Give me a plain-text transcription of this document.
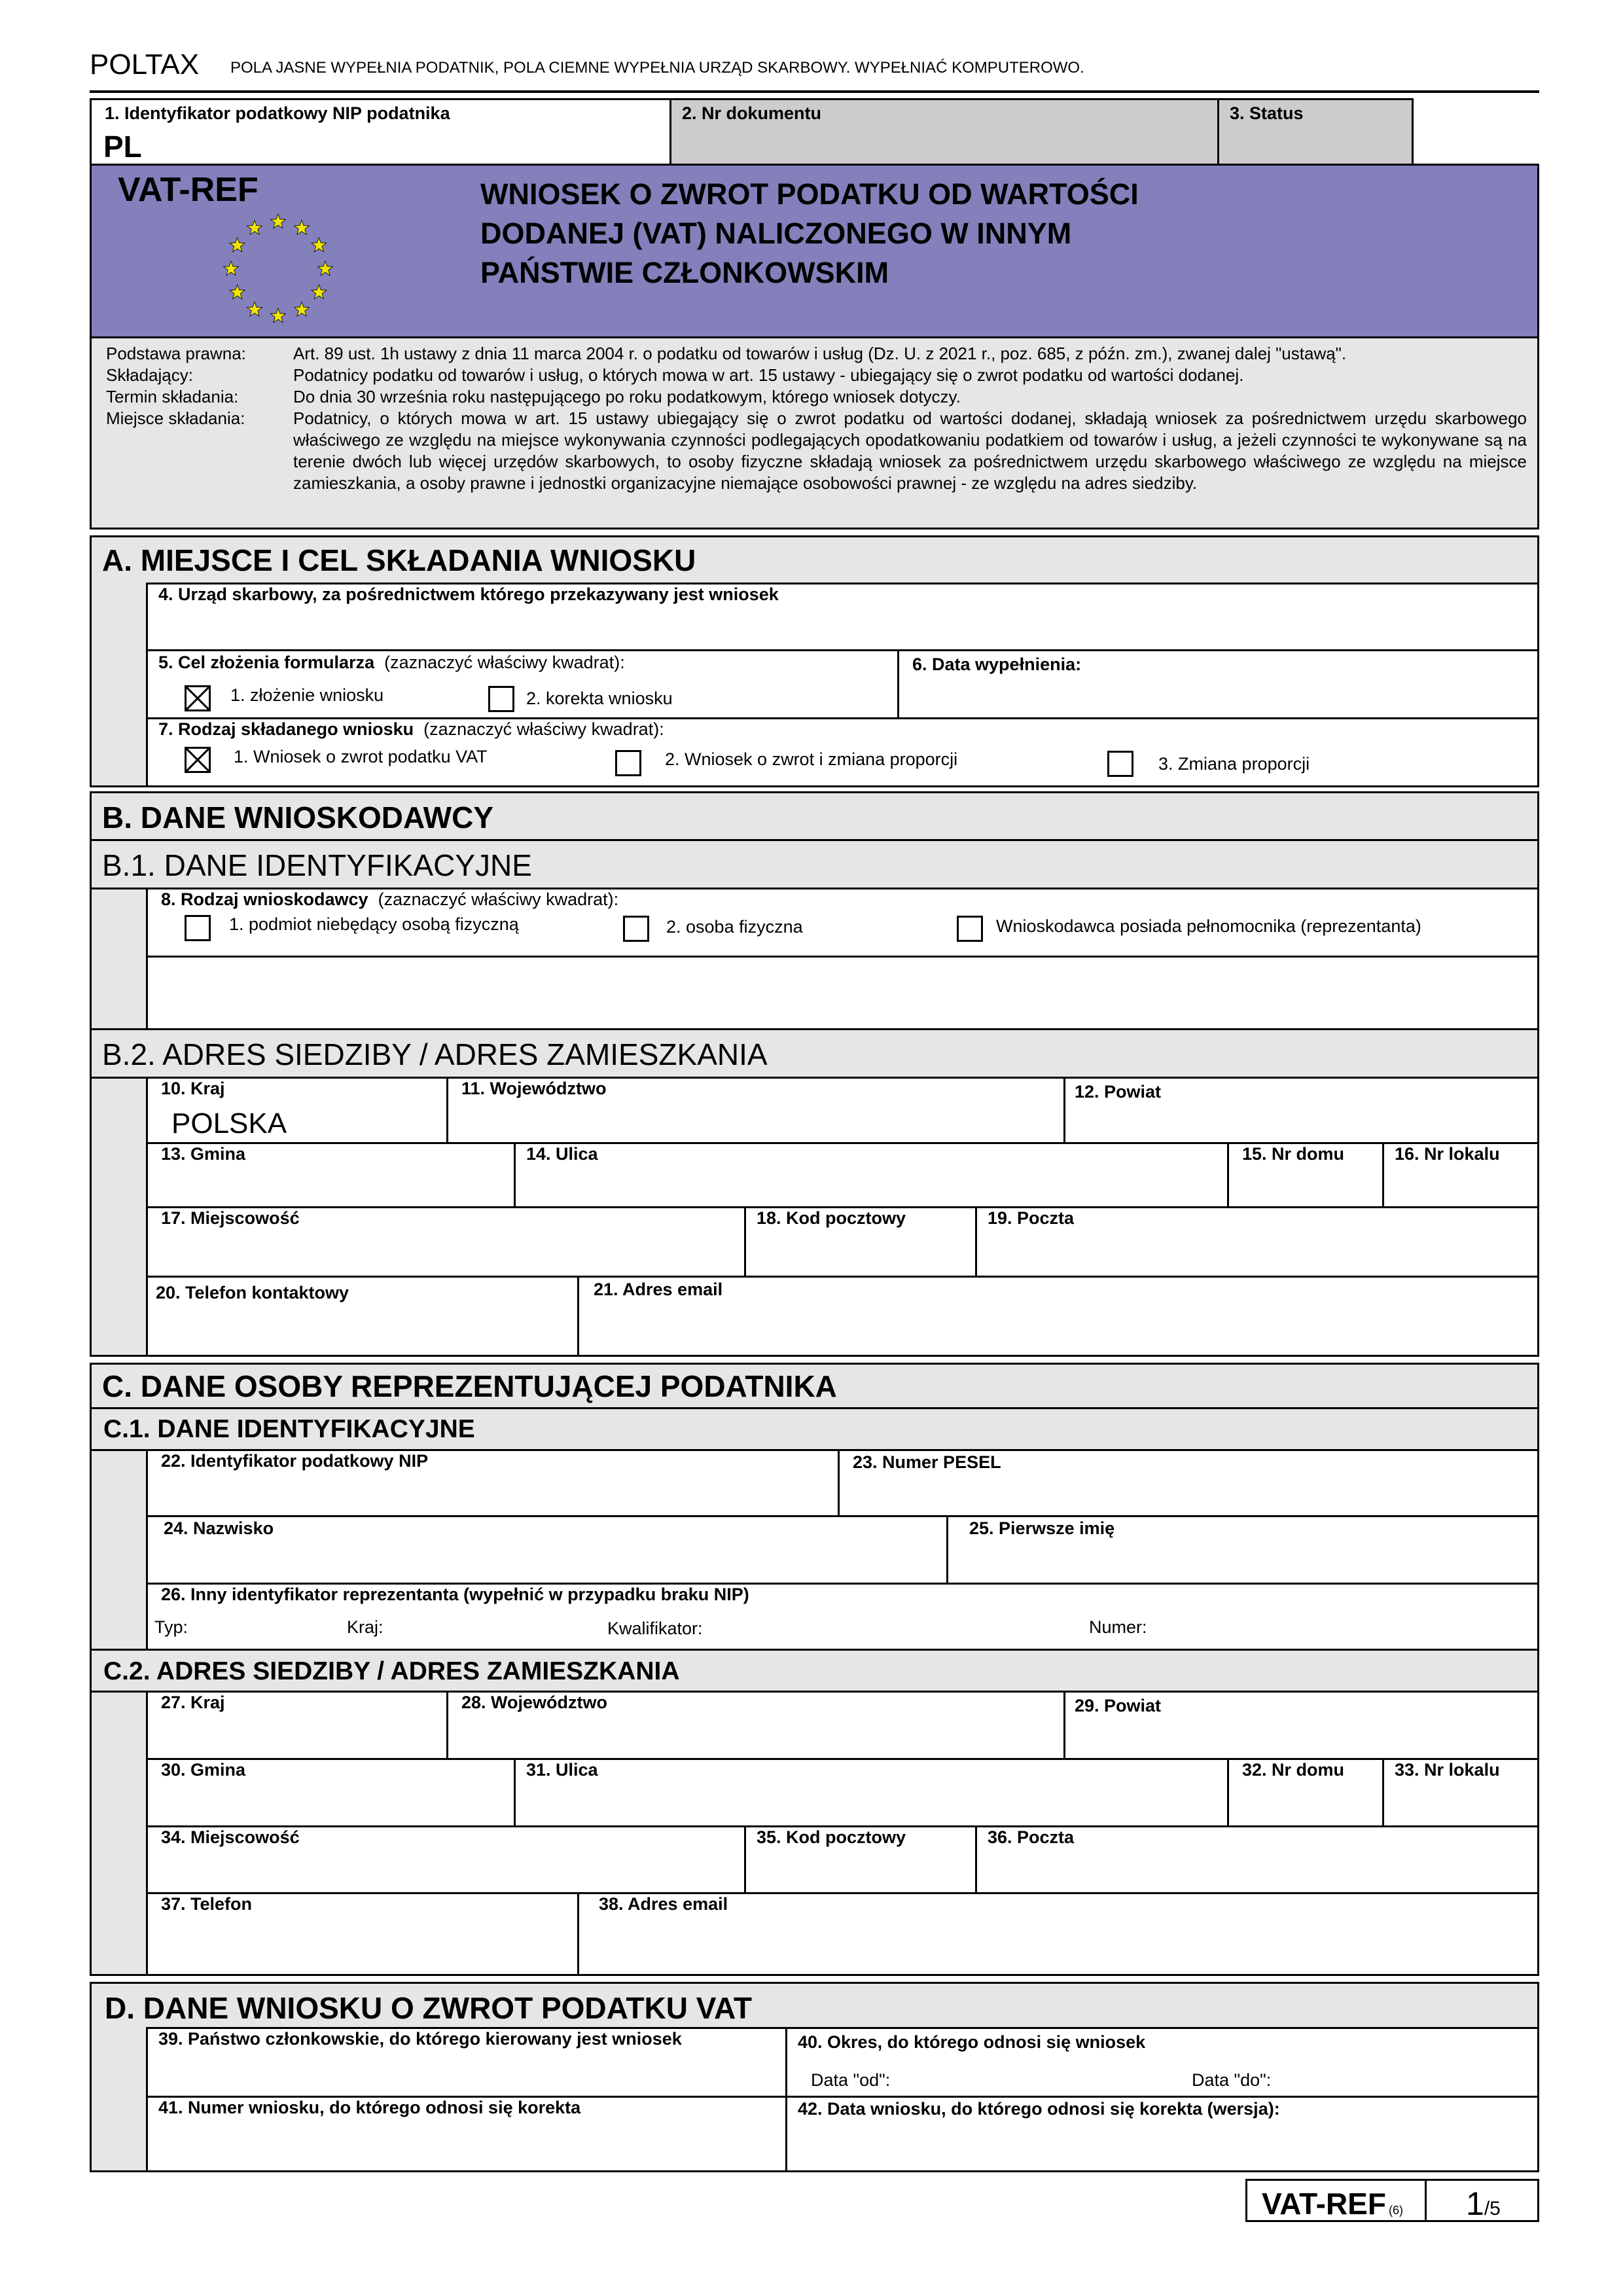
POLTAX POLA JASNE WYPEŁNIA PODATNIK, POLA CIEMNE WYPEŁNIA URZĄD SKARBOWY. WYPEŁNIAĆ KOMPUTEROWO.
1. Identyfikator podatkowy NIP podatnika
PL
2. Nr dokumentu	3. Status
VAT-REF	WNIOSEK O ZWROT PODATKU OD WARTOŚCI
DODANEJ (VAT) NALICZONEGO W INNYM
PAŃSTWIE CZŁONKOWSKIM
Podstawa prawna:	Art. 89 ust. 1h ustawy z dnia 11 marca 2004 r. o podatku od towarów i usług (Dz. U. z 2021 r., poz. 685, z późn. zm.), zwanej dalej "ustawą".
Składający:	Podatnicy podatku od towarów i usług, o których mowa w art. 15 ustawy - ubiegający się o zwrot podatku od wartości dodanej.
Termin składania:	Do dnia 30 września roku następującego po roku podatkowym, którego wniosek dotyczy.
Miejsce składania:	Podatnicy, o których mowa w art. 15 ustawy ubiegający się o zwrot podatku od wartości dodanej, składają wniosek za pośrednictwem urzędu skarbowego właściwego ze względu na miejsce wykonywania czynności podlegających opodatkowaniu podatkiem od towarów i usług, a jeżeli czynności te wykonywane są na terenie dwóch lub więcej urzędów skarbowych, to osoby fizyczne składają wniosek za pośrednictwem urzędu skarbowego właściwego ze względu na miejsce zamieszkania, a osoby prawne i jednostki organizacyjne niemające osobowości prawnej - ze względu na adres siedziby.
A. MIEJSCE I CEL SKŁADANIA WNIOSKU
4. Urząd skarbowy, za pośrednictwem którego przekazywany jest wniosek
5. Cel złożenia formularza (zaznaczyć właściwy kwadrat):
1. złożenie wniosku	2. korekta wniosku
6. Data wypełnienia:
7. Rodzaj składanego wniosku (zaznaczyć właściwy kwadrat):
1. Wniosek o zwrot podatku VAT	2. Wniosek o zwrot i zmiana proporcji	3. Zmiana proporcji
B. DANE WNIOSKODAWCY
B.1. DANE IDENTYFIKACYJNE
8. Rodzaj wnioskodawcy (zaznaczyć właściwy kwadrat):
1. podmiot niebędący osobą fizyczną	2. osoba fizyczna	Wnioskodawca posiada pełnomocnika (reprezentanta)
B.2. ADRES SIEDZIBY / ADRES ZAMIESZKANIA
10. Kraj
POLSKA
11. Województwo	12. Powiat
13. Gmina	14. Ulica	15. Nr domu	16. Nr lokalu
17. Miejscowość	18. Kod pocztowy	19. Poczta
20. Telefon kontaktowy	21. Adres email
C. DANE OSOBY REPREZENTUJĄCEJ PODATNIKA
C.1. DANE IDENTYFIKACYJNE
22. Identyfikator podatkowy NIP	23. Numer PESEL
24. Nazwisko	25. Pierwsze imię
26. Inny identyfikator reprezentanta (wypełnić w przypadku braku NIP)
Typ:	Kraj:	Kwalifikator:	Numer:
C.2. ADRES SIEDZIBY / ADRES ZAMIESZKANIA
27. Kraj	28. Województwo	29. Powiat
30. Gmina	31. Ulica	32. Nr domu	33. Nr lokalu
34. Miejscowość	35. Kod pocztowy	36. Poczta
37. Telefon	38. Adres email
D. DANE WNIOSKU O ZWROT PODATKU VAT
39. Państwo członkowskie, do którego kierowany jest wniosek	40. Okres, do którego odnosi się wniosek
Data "od":	Data "do":
41. Numer wniosku, do którego odnosi się korekta	42. Data wniosku, do którego odnosi się korekta (wersja):
VAT-REF (6) 1/5
